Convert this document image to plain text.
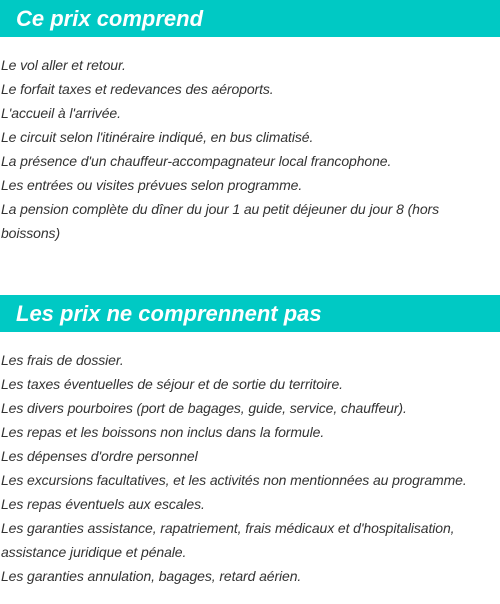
Ce prix comprend
Le vol aller et retour.
Le forfait taxes et redevances des aéroports.
L'accueil à l'arrivée.
Le circuit selon l'itinéraire indiqué, en bus climatisé.
La présence d'un chauffeur-accompagnateur local francophone.
Les entrées ou visites prévues selon programme.
La pension complète du dîner du jour 1 au petit déjeuner du jour 8 (hors boissons)
Les prix ne comprennent pas
Les frais de dossier.
Les taxes éventuelles de séjour et de sortie du territoire.
Les divers pourboires (port de bagages, guide, service, chauffeur).
Les repas et les boissons non inclus dans la formule.
Les dépenses d'ordre personnel
Les excursions facultatives, et les activités non mentionnées au programme.
Les repas éventuels aux escales.
Les garanties assistance, rapatriement, frais médicaux et d'hospitalisation, assistance juridique et pénale.
Les garanties annulation, bagages, retard aérien.
